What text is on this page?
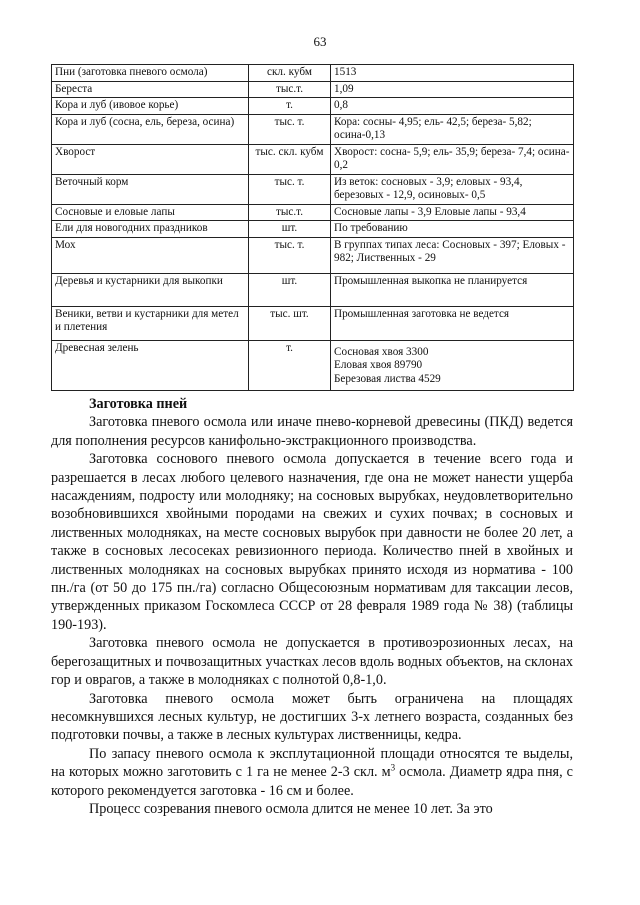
63
Пни (заготовка пневого осмола)	скл. кубм	1513
Береста	тыс.т.	1,09
Кора и луб (ивовое корье)	т.	0,8
Кора и луб (сосна, ель, береза, осина)	тыс. т.	Кора: сосны- 4,95; ель- 42,5; береза- 5,82; осина-0,13
Хворост	тыс. скл. кубм	Хворост: сосна- 5,9; ель- 35,9; береза- 7,4; осина- 0,2
Веточный корм	тыс. т.	Из веток: сосновых - 3,9; еловых - 93,4, березовых - 12,9, осиновых- 0,5
Сосновые и еловые лапы	тыс.т.	Сосновые лапы - 3,9 Еловые лапы - 93,4
Ели для новогодних праздников	шт.	По требованию
Мох	тыс. т.	В группах типах леса: Сосновых - 397; Еловых - 982; Лиственных - 29
Деревья и кустарники для выкопки	шт.	Промышленная выкопка не планируется
Веники, ветви и кустарники для метел и плетения	тыс. шт.	Промышленная заготовка не ведется
Древесная зелень	т.	Сосновая хвоя 3300
Еловая хвоя 89790
Березовая листва 4529
Заготовка пней

Заготовка пневого осмола или иначе пнево-корневой древесины (ПКД) ведется для пополнения ресурсов канифольно-экстракционного производства.

Заготовка соснового пневого осмола допускается в течение всего года и разрешается в лесах любого целевого назначения, где она не может нанести ущерба насаждениям, подросту или молодняку; на сосновых вырубках, неудовлетворительно возобновившихся хвойными породами на свежих и сухих почвах; в сосновых и лиственных молодняках, на месте сосновых вырубок при давности не более 20 лет, а также в сосновых лесосеках ревизионного периода. Количество пней в хвойных и лиственных молодняках на сосновых вырубках принято исходя из норматива - 100 пн./га (от 50 до 175 пн./га) согласно Общесоюзным нормативам для таксации лесов, утвержденных приказом Госкомлеса СССР от 28 февраля 1989 года № 38) (таблицы 190-193).

Заготовка пневого осмола не допускается в противоэрозионных лесах, на берегозащитных и почвозащитных участках лесов вдоль водных объектов, на склонах гор и оврагов, а также в молодняках с полнотой 0,8-1,0.

Заготовка пневого осмола может быть ограничена на площадях несомкнувшихся лесных культур, не достигших 3-х летнего возраста, созданных без подготовки почвы, а также в лесных культурах лиственницы, кедра.

По запасу пневого осмола к эксплутационной площади относятся те выделы, на которых можно заготовить с 1 га не менее 2-3 скл. $м^3$ осмола. Диаметр ядра пня, с которого рекомендуется заготовка - 16 см и более.

Процесс созревания пневого осмола длится не менее 10 лет. За это
